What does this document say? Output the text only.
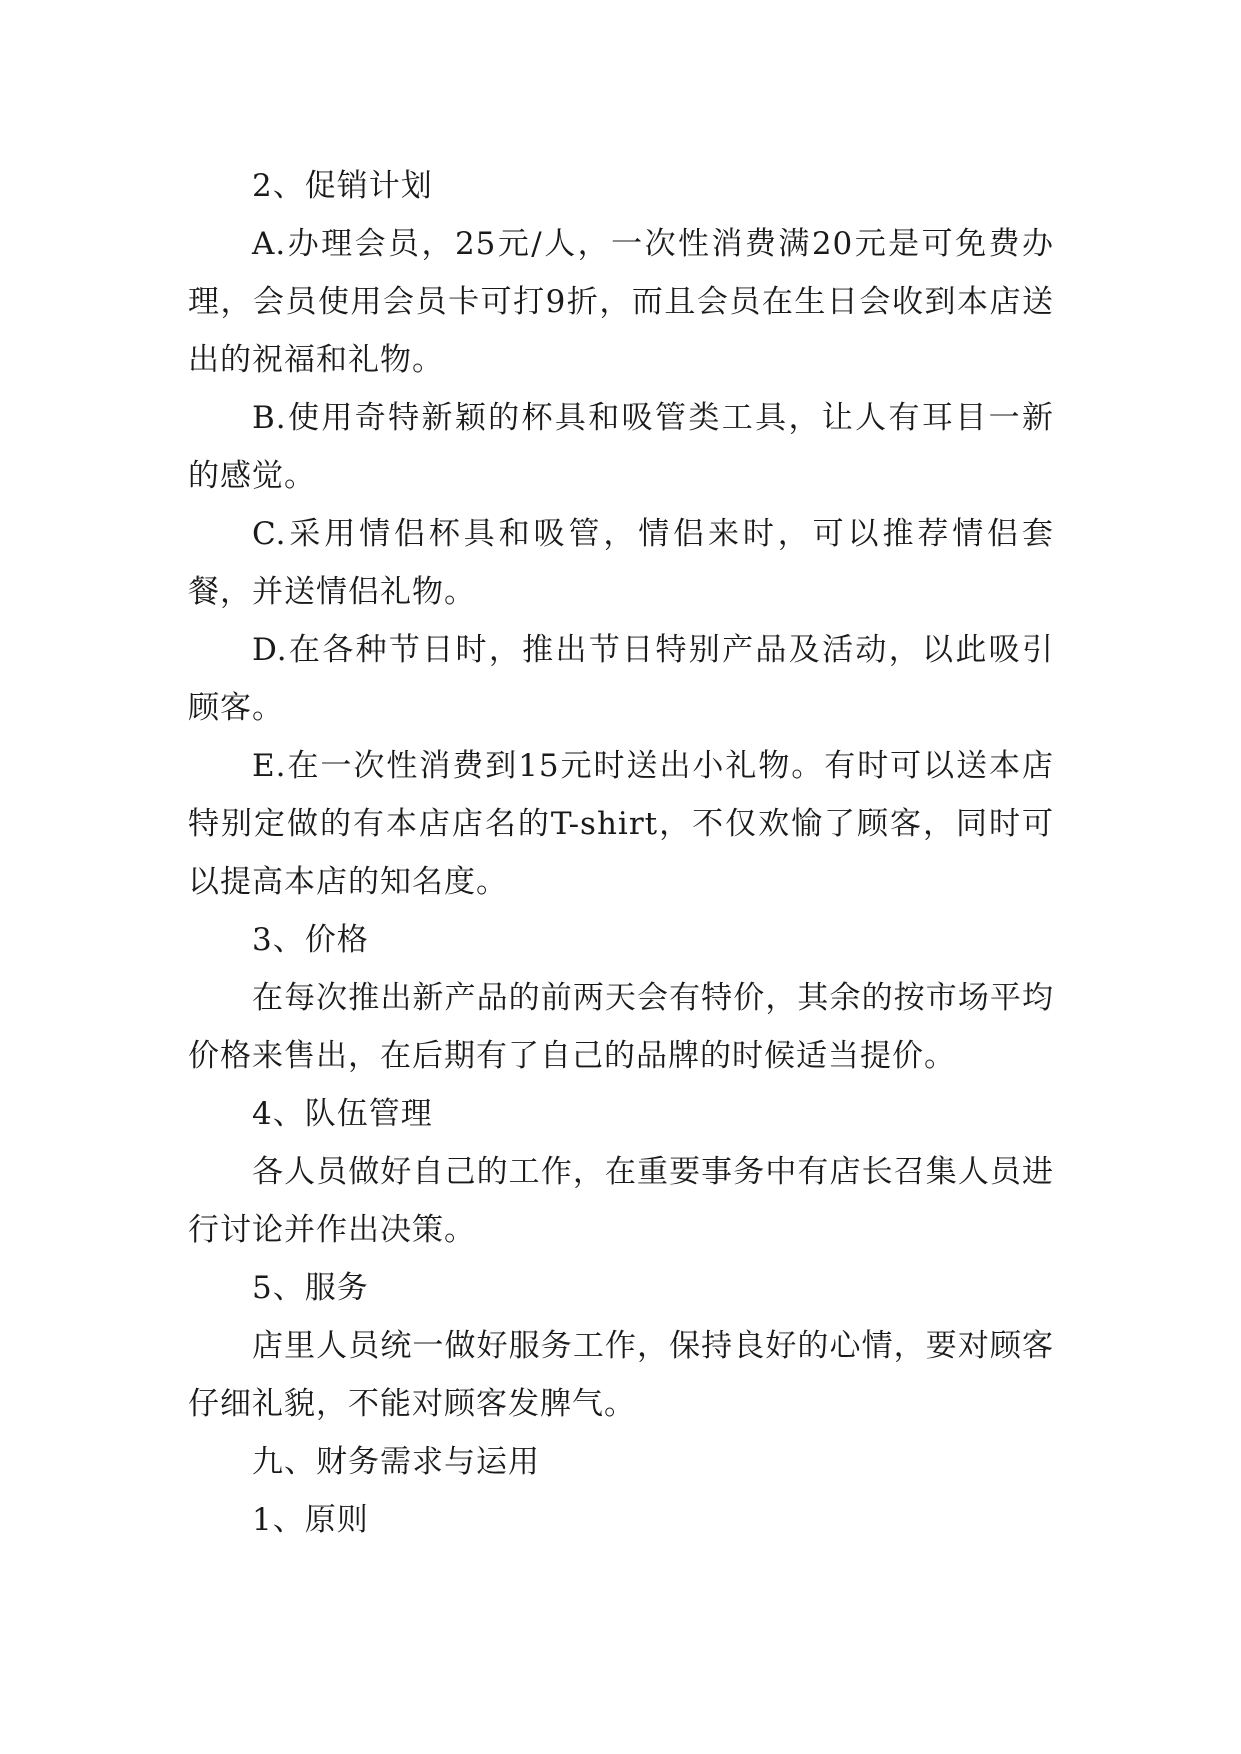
2、促销计划

A.办理会员，25元/人，一次性消费满20元是可免费办理，会员使用会员卡可打9折，而且会员在生日会收到本店送出的祝福和礼物。

B.使用奇特新颖的杯具和吸管类工具，让人有耳目一新的感觉。

C.采用情侣杯具和吸管，情侣来时，可以推荐情侣套餐，并送情侣礼物。

D.在各种节日时，推出节日特别产品及活动，以此吸引顾客。

E.在一次性消费到15元时送出小礼物。有时可以送本店特别定做的有本店店名的T-shirt，不仅欢愉了顾客，同时可以提高本店的知名度。

3、价格

在每次推出新产品的前两天会有特价，其余的按市场平均价格来售出，在后期有了自己的品牌的时候适当提价。

4、队伍管理

各人员做好自己的工作，在重要事务中有店长召集人员进行讨论并作出决策。

5、服务

店里人员统一做好服务工作，保持良好的心情，要对顾客仔细礼貌，不能对顾客发脾气。

九、财务需求与运用

1、原则
